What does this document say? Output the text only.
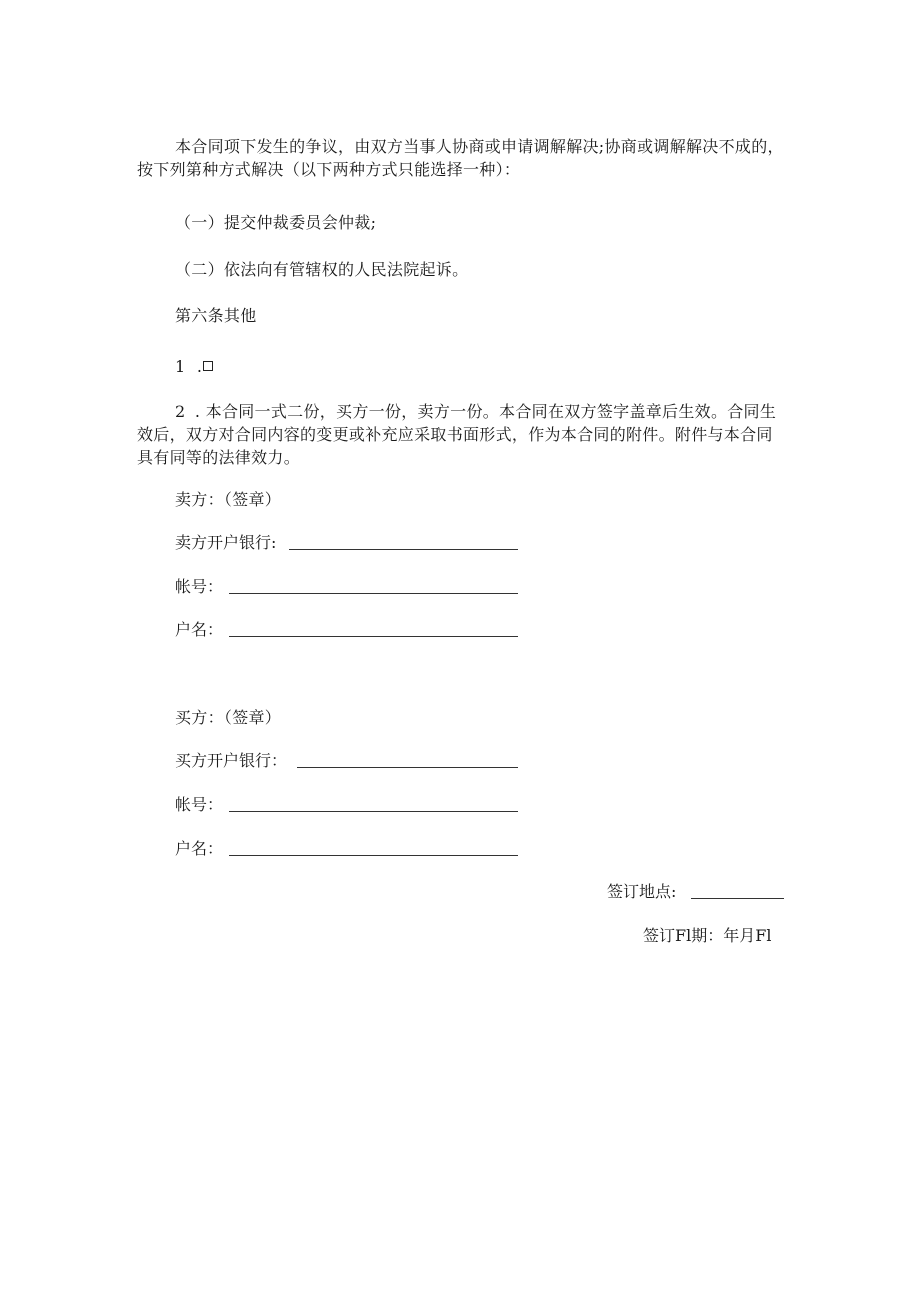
本合同项下发生的争议，由双方当事人协商或申请调解解决;协商或调解解决不成的，按下列第种方式解决（以下两种方式只能选择一种）：
（一）提交仲裁委员会仲裁;
（二）依法向有管辖权的人民法院起诉。
第六条其他
1 .
2 . 本合同一式二份，买方一份，卖方一份。本合同在双方签字盖章后生效。合同生效后，双方对合同内容的变更或补充应采取书面形式，作为本合同的附件。附件与本合同具有同等的法律效力。
卖方：（签章）
卖方开户银行:
帐号：
户名：
买方：（签章）
买方开户银行：
帐号：
户名：
签订地点:
签订Fl期：年月Fl
